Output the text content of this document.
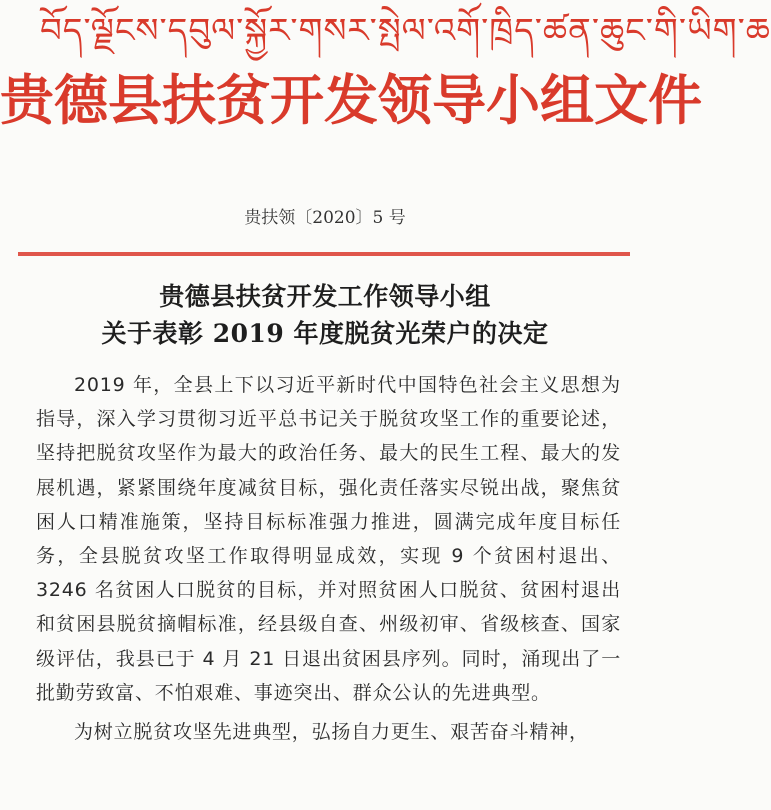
བོད་ལྗོངས་དབུལ་སྐྱོར་གསར་སྤེལ་འགོ་ཁྲིད་ཚན་ཆུང་གི་ཡིག་ཆ
贵德县扶贫开发领导小组文件
贵扶领〔2020〕5 号
贵德县扶贫开发工作领导小组
关于表彰 2019 年度脱贫光荣户的决定

2019 年，全县上下以习近平新时代中国特色社会主义思想为指导，深入学习贯彻习近平总书记关于脱贫攻坚工作的重要论述，坚持把脱贫攻坚作为最大的政治任务、最大的民生工程、最大的发展机遇，紧紧围绕年度减贫目标，强化责任落实尽锐出战，聚焦贫困人口精准施策，坚持目标标准强力推进，圆满完成年度目标任务，全县脱贫攻坚工作取得明显成效，实现 9 个贫困村退出、3246 名贫困人口脱贫的目标，并对照贫困人口脱贫、贫困村退出和贫困县脱贫摘帽标准，经县级自查、州级初审、省级核查、国家级评估，我县已于 4 月 21 日退出贫困县序列。同时，涌现出了一批勤劳致富、不怕艰难、事迹突出、群众公认的先进典型。

为树立脱贫攻坚先进典型，弘扬自力更生、艰苦奋斗精神，
